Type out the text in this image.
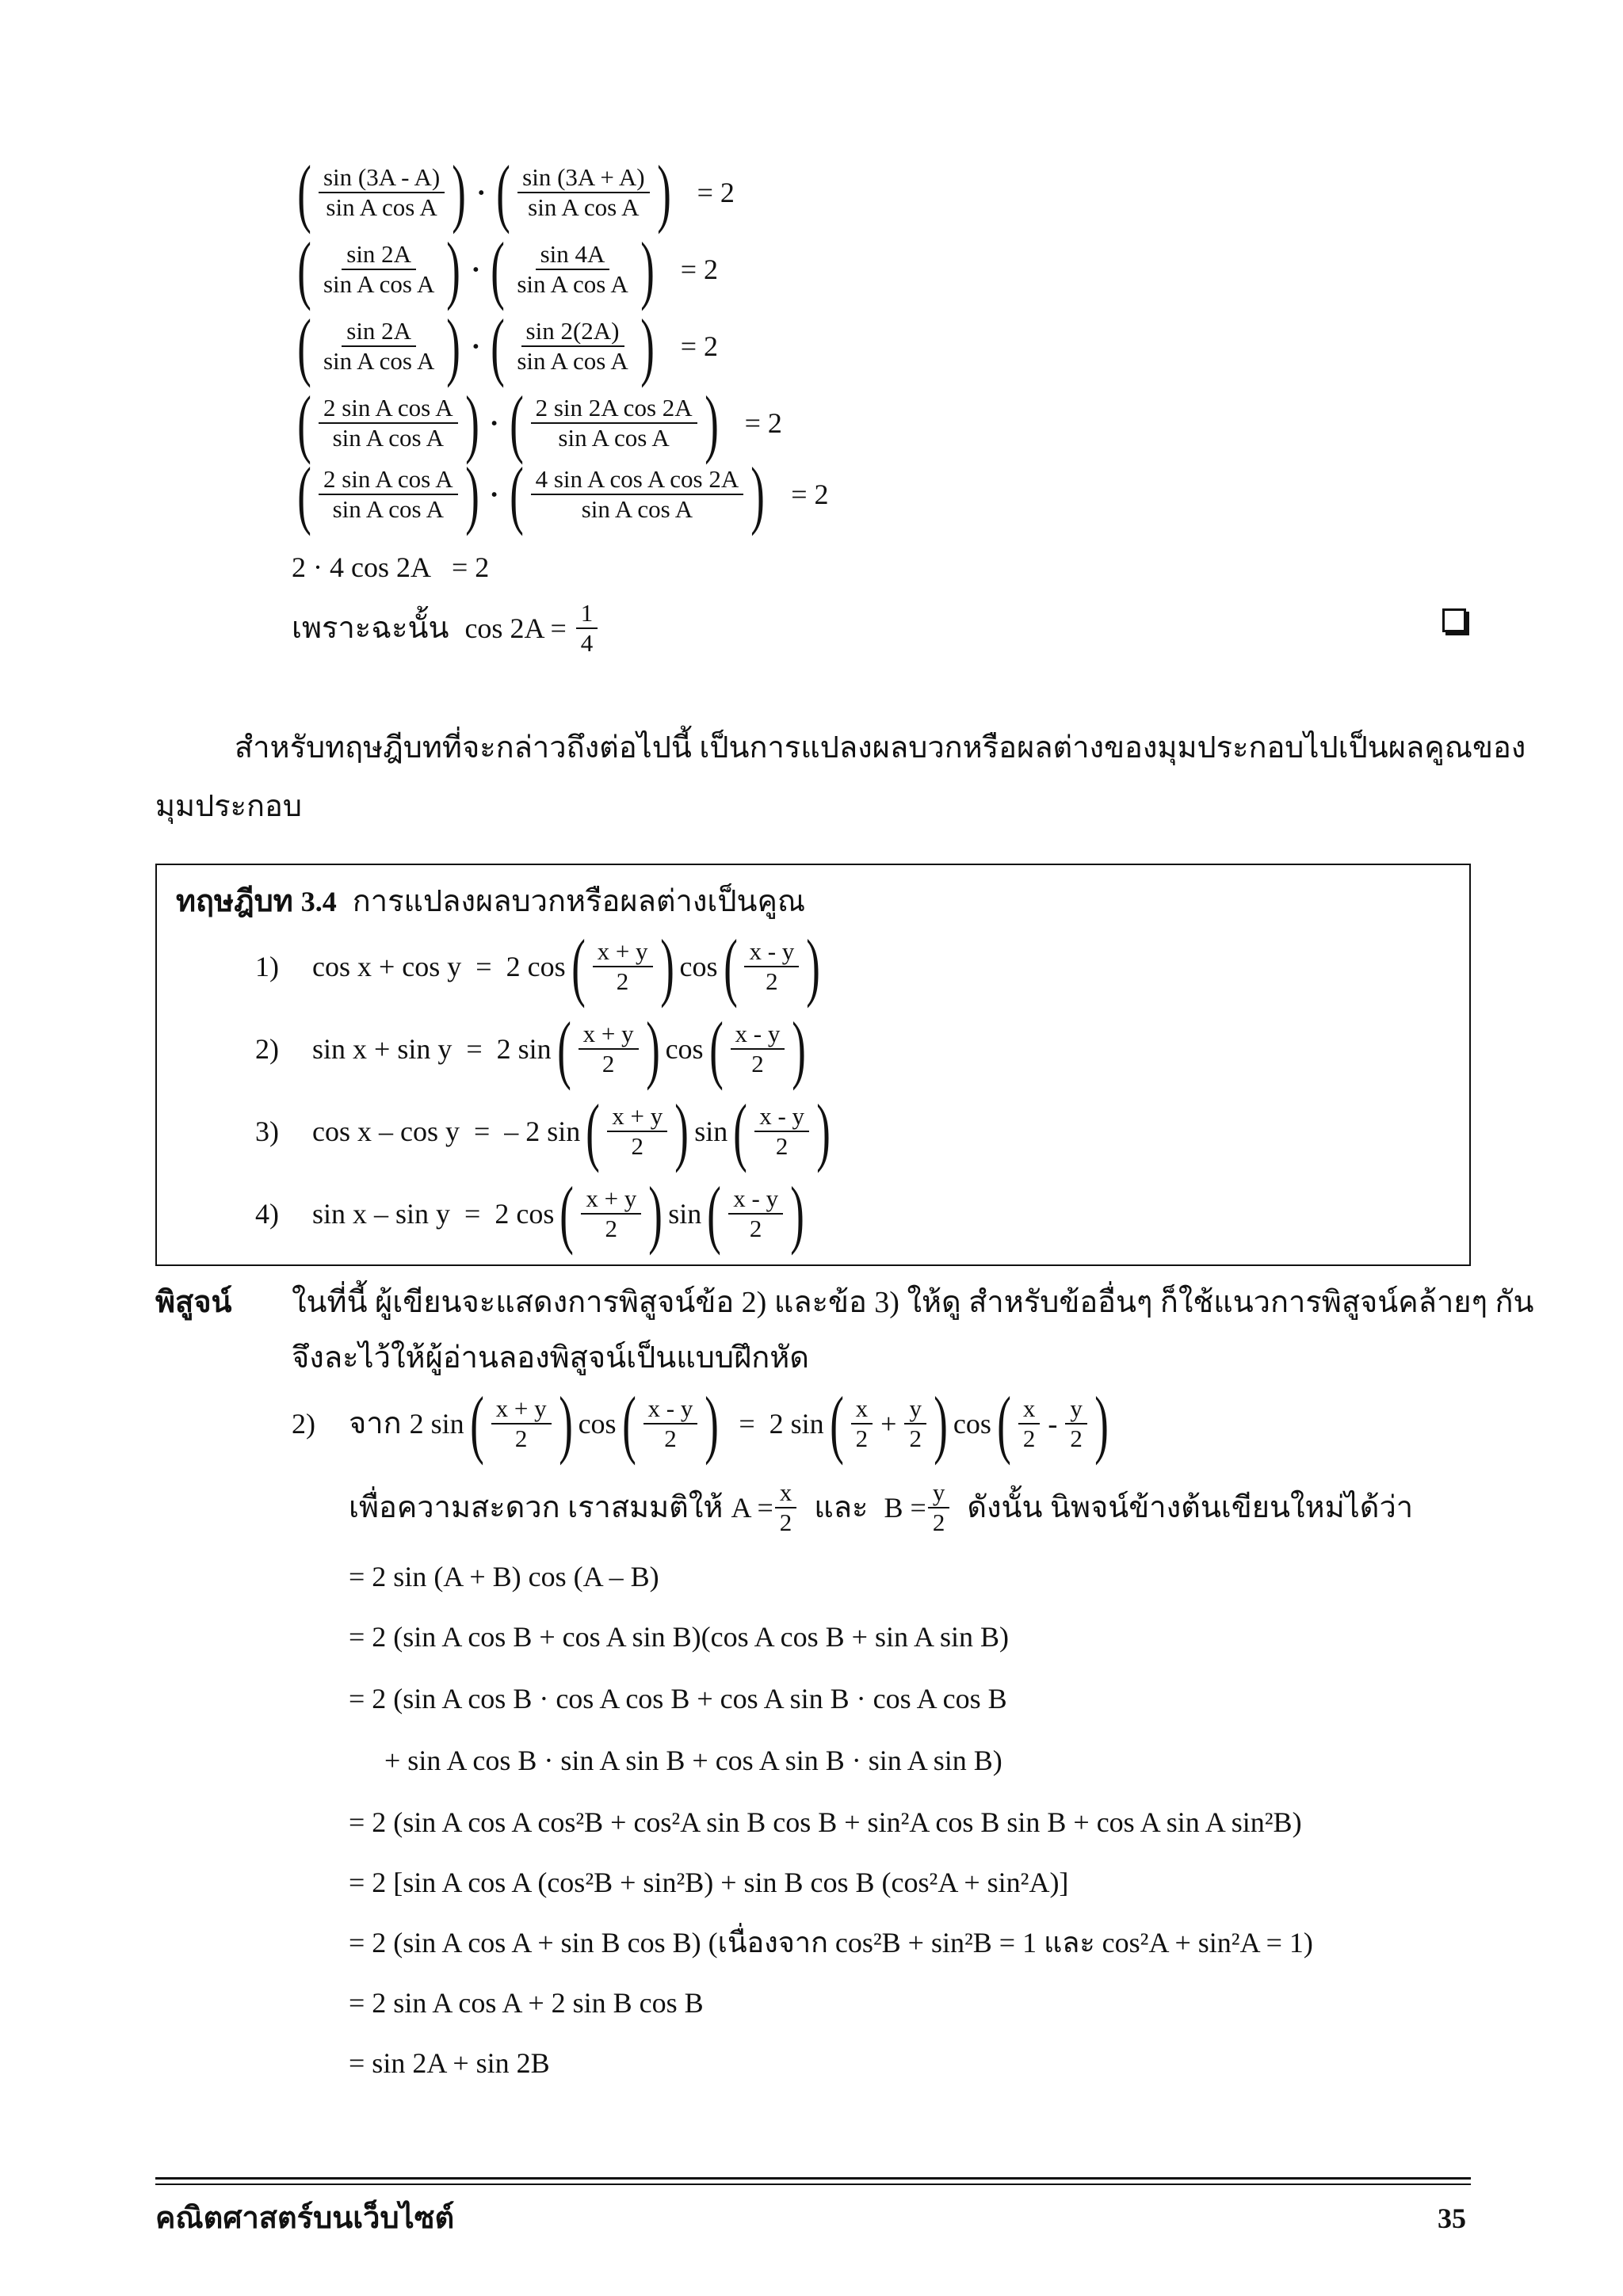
( $\frac{\sin (3A - A)}{\text{sin A cos A}}$ ) · ( $\frac{\sin (3A + A)}{\text{sin A cos A}}$ ) = 2
( $\frac{\sin 2A}{\text{sin A cos A}}$ ) · ( $\frac{\sin 4A}{\text{sin A cos A}}$ ) = 2
( $\frac{\sin 2A}{\text{sin A cos A}}$ ) · ( $\frac{\sin 2(2A)}{\text{sin A cos A}}$ ) = 2
( $\frac{\text{2 sin A cos A}}{\text{sin A cos A}}$ ) · ( $\frac{\text{2 sin 2A cos 2A}}{\text{sin A cos A}}$ ) = 2
( $\frac{\text{2 sin A cos A}}{\text{sin A cos A}}$ ) · ( $\frac{\text{4 sin A cos A cos 2A}}{\text{sin A cos A}}$ ) = 2
2 · 4 cos 2A = 2
เพราะฉะนั้น $\cos 2A = \frac{1}{4}$
สำหรับทฤษฎีบทที่จะกล่าวถึงต่อไปนี้ เป็นการแปลงผลบวกหรือผลต่างของมุมประกอบไปเป็นผลคูณของ
มุมประกอบ
ทฤษฎีบท 3.4 การแปลงผลบวกหรือผลต่างเป็นคูณ
1)	cos x + cos y = 2 cos ( $\frac{x + y}{2}$ ) cos ( $\frac{x - y}{2}$ )
2)	sin x + sin y = 2 sin ( $\frac{x + y}{2}$ ) cos ( $\frac{x - y}{2}$ )
3)	cos x – cos y = – 2 sin ( $\frac{x + y}{2}$ ) sin ( $\frac{x - y}{2}$ )
4)	sin x – sin y = 2 cos ( $\frac{x + y}{2}$ ) sin ( $\frac{x - y}{2}$ )
พิสูจน์ ในที่นี้ ผู้เขียนจะแสดงการพิสูจน์ข้อ 2) และข้อ 3) ให้ดู สำหรับข้ออื่นๆ ก็ใช้แนวการพิสูจน์คล้ายๆ กัน
จึงละไว้ให้ผู้อ่านลองพิสูจน์เป็นแบบฝึกหัด
2)	จาก 2 sin ( $\frac{x + y}{2}$ ) cos ( $\frac{x - y}{2}$ ) = 2 sin ( $\frac{x}{2} + \frac{y}{2}$ ) cos ( $\frac{x}{2} - \frac{y}{2}$ )
เพื่อความสะดวก เราสมมติให้ $A = \frac{x}{2}$ และ $B = \frac{y}{2}$ ดังนั้น นิพจน์ข้างต้นเขียนใหม่ได้ว่า
= 2 sin (A + B) cos (A – B)
= 2 (sin A cos B + cos A sin B)(cos A cos B + sin A sin B)
= 2 (sin A cos B · cos A cos B + cos A sin B · cos A cos B
+ sin A cos B · sin A sin B + cos A sin B · sin A sin B)
= 2 (sin A cos A cos²B + cos²A sin B cos B + sin²A cos B sin B + cos A sin A sin²B)
= 2 [sin A cos A (cos²B + sin²B) + sin B cos B (cos²A + sin²A)]
= 2 (sin A cos A + sin B cos B) (เนื่องจาก cos²B + sin²B = 1 และ cos²A + sin²A = 1)
= 2 sin A cos A + 2 sin B cos B
= sin 2A + sin 2B
คณิตศาสตร์บนเว็บไซต์	35
